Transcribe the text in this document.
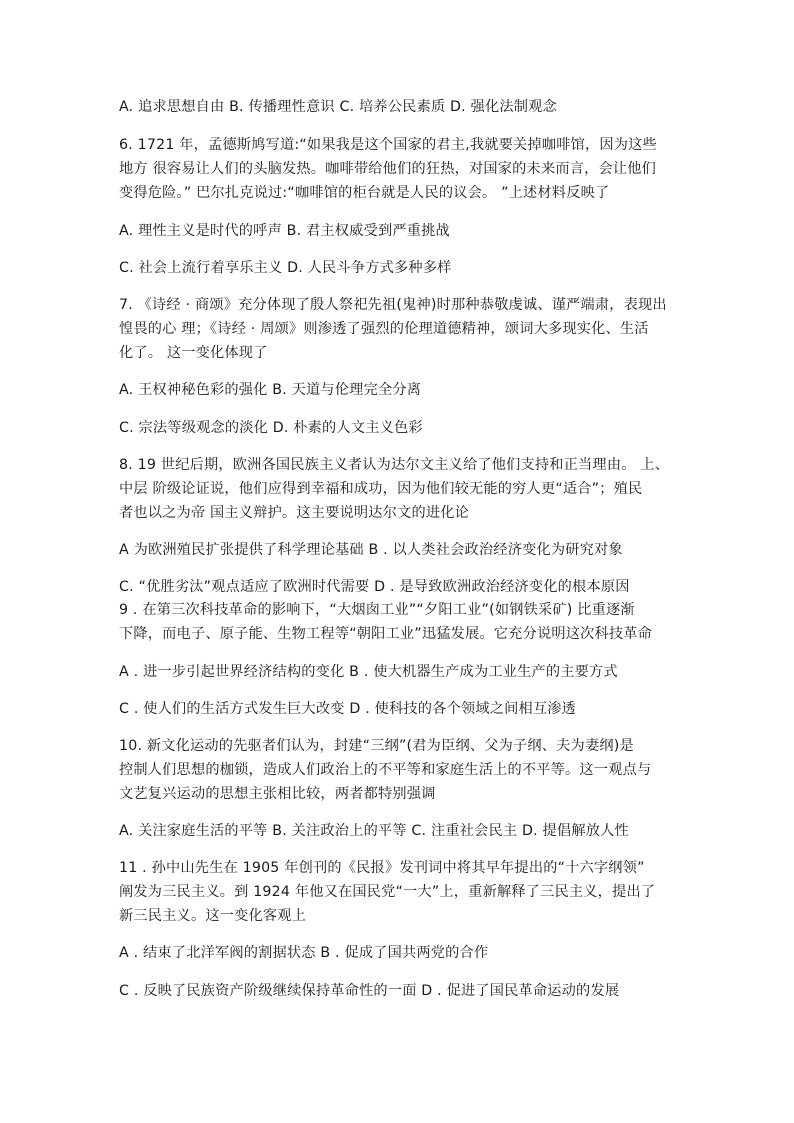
A. 追求思想自由 B. 传播理性意识 C. 培养公民素质 D. 强化法制观念
6. 1721 年，孟德斯鸠写道:“如果我是这个国家的君主,我就要关掉咖啡馆，因为这些
地方 很容易让人们的头脑发热。咖啡带给他们的狂热，对国家的未来而言，会让他们
变得危险。” 巴尔扎克说过:“咖啡馆的柜台就是人民的议会。 ”上述材料反映了
A. 理性主义是时代的呼声 B. 君主权威受到严重挑战
C. 社会上流行着享乐主义 D. 人民斗争方式多种多样
7. 《诗经 · 商颂》充分体现了殷人祭祀先祖(鬼神)时那种恭敬虔诚、谨严端肃，表现出
惶畏的心 理；《诗经 · 周颂》则渗透了强烈的伦理道德精神，颂词大多现实化、生活
化了。 这一变化体现了
A. 王权神秘色彩的强化 B. 天道与伦理完全分离
C. 宗法等级观念的淡化 D. 朴素的人文主义色彩
8. 19 世纪后期，欧洲各国民族主义者认为达尔文主义给了他们支持和正当理由。 上、
中层 阶级论证说，他们应得到幸福和成功，因为他们较无能的穷人更“适合”；殖民
者也以之为帝 国主义辩护。这主要说明达尔文的进化论
A 为欧洲殖民扩张提供了科学理论基础 B . 以人类社会政治经济变化为研究对象
C. “优胜劣汰”观点适应了欧洲时代需要 D . 是导致欧洲政治经济变化的根本原因
9 . 在第三次科技革命的影响下，“大烟囱工业”“夕阳工业”(如钢铁采矿) 比重逐渐
下降，而电子、原子能、生物工程等“朝阳工业”迅猛发展。它充分说明这次科技革命
A . 进一步引起世界经济结构的变化 B . 使大机器生产成为工业生产的主要方式
C . 使人们的生活方式发生巨大改变 D . 使科技的各个领域之间相互渗透
10. 新文化运动的先驱者们认为，封建“三纲”(君为臣纲、父为子纲、夫为妻纲)是
控制人们思想的枷锁，造成人们政治上的不平等和家庭生活上的不平等。这一观点与
文艺复兴运动的思想主张相比较，两者都特别强调
A. 关注家庭生活的平等 B. 关注政治上的平等 C. 注重社会民主 D. 提倡解放人性
11 . 孙中山先生在 1905 年创刊的《民报》发刊词中将其早年提出的“十六字纲领”
阐发为三民主义。到 1924 年他又在国民党“一大”上，重新解释了三民主义，提出了
新三民主义。这一变化客观上
A . 结束了北洋军阀的割据状态 B . 促成了国共两党的合作
C . 反映了民族资产阶级继续保持革命性的一面 D . 促进了国民革命运动的发展
